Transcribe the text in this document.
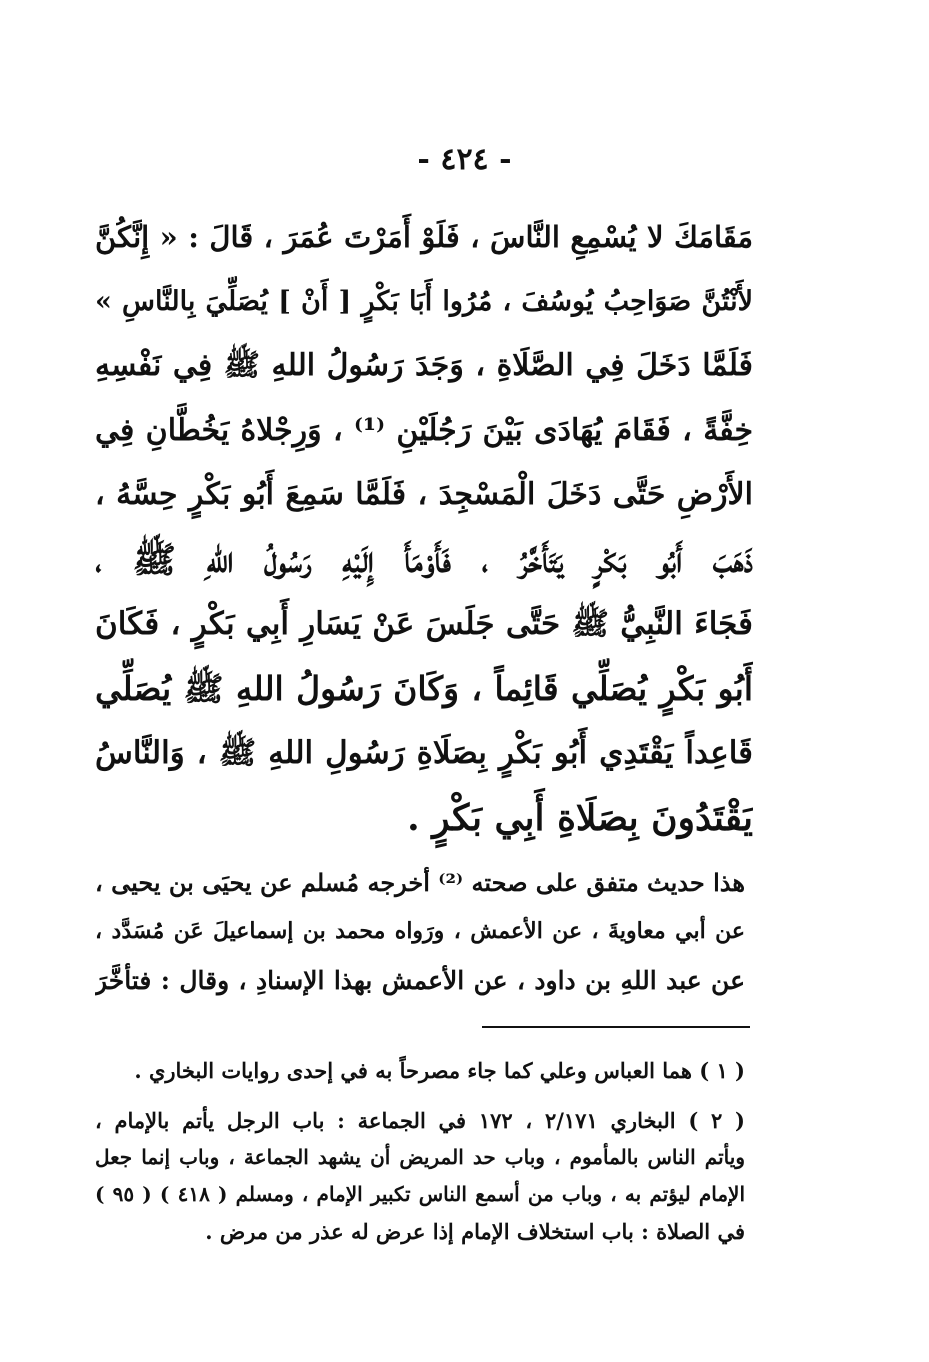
- ٤٢٤ -
مَقَامَكَ لا يُسْمِعِ النَّاسَ ، فَلَوْ أَمَرْتَ عُمَرَ ، قَالَ : « إِنَّكُنَّ
لأَنْتُنَّ صَوَاحِبُ يُوسُفَ ، مُرُوا أَبَا بَكْرٍ [ أَنْ ] يُصَلِّيَ بِالنَّاسِ »
فَلَمَّا دَخَلَ فِي الصَّلَاةِ ، وَجَدَ رَسُولُ اللهِ ﷺ فِي نَفْسِهِ
خِفَّةً ، فَقَامَ يُهَادَى بَيْنَ رَجُلَيْنِ ⁽¹⁾ ، وَرِجْلاهُ يَخُطَّانِ فِي
الأَرْضِ حَتَّى دَخَلَ الْمَسْجِدَ ، فَلَمَّا سَمِعَ أَبُو بَكْرٍ حِسَّهُ ،
ذَهَبَ أَبُو بَكْرٍ يَتَأَخَّرُ ، فَأَوْمَأَ إِلَيْهِ رَسُولُ اللهِ ﷺ ،
فَجَاءَ النَّبِيُّ ﷺ حَتَّى جَلَسَ عَنْ يَسَارِ أَبِي بَكْرٍ ، فَكَانَ
أَبُو بَكْرٍ يُصَلِّي قَائِماً ، وَكَانَ رَسُولُ اللهِ ﷺ يُصَلِّي
قَاعِداً يَقْتَدِي أَبُو بَكْرٍ بِصَلَاةِ رَسُولِ اللهِ ﷺ ، وَالنَّاسُ
يَقْتَدُونَ بِصَلَاةِ أَبِي بَكْرٍ .
هذا حديث متفق على صحته ⁽²⁾ أخرجه مُسلم عن يحيَى بن يحيى ،
عن أبي معاويةَ ، عن الأعمش ، ورَواه محمد بن إسماعيلَ عَن مُسَدَّد ،
عن عبد اللهِ بن داود ، عن الأعمش بهذا الإسنادِ ، وقال : فتأخَّرَ
( ١ ) هما العباس وعلي كما جاء مصرحاً به في إحدى روايات البخاري .
( ٢ ) البخاري ٢/١٧١ ، ١٧٢ في الجماعة : باب الرجل يأتم بالإمام ،
ويأتم الناس بالمأموم ، وباب حد المريض أن يشهد الجماعة ، وباب إنما جعل
الإمام ليؤتم به ، وباب من أسمع الناس تكبير الإمام ، ومسلم ( ٤١٨ ) ( ٩٥ )
في الصلاة : باب استخلاف الإمام إذا عرض له عذر من مرض .
